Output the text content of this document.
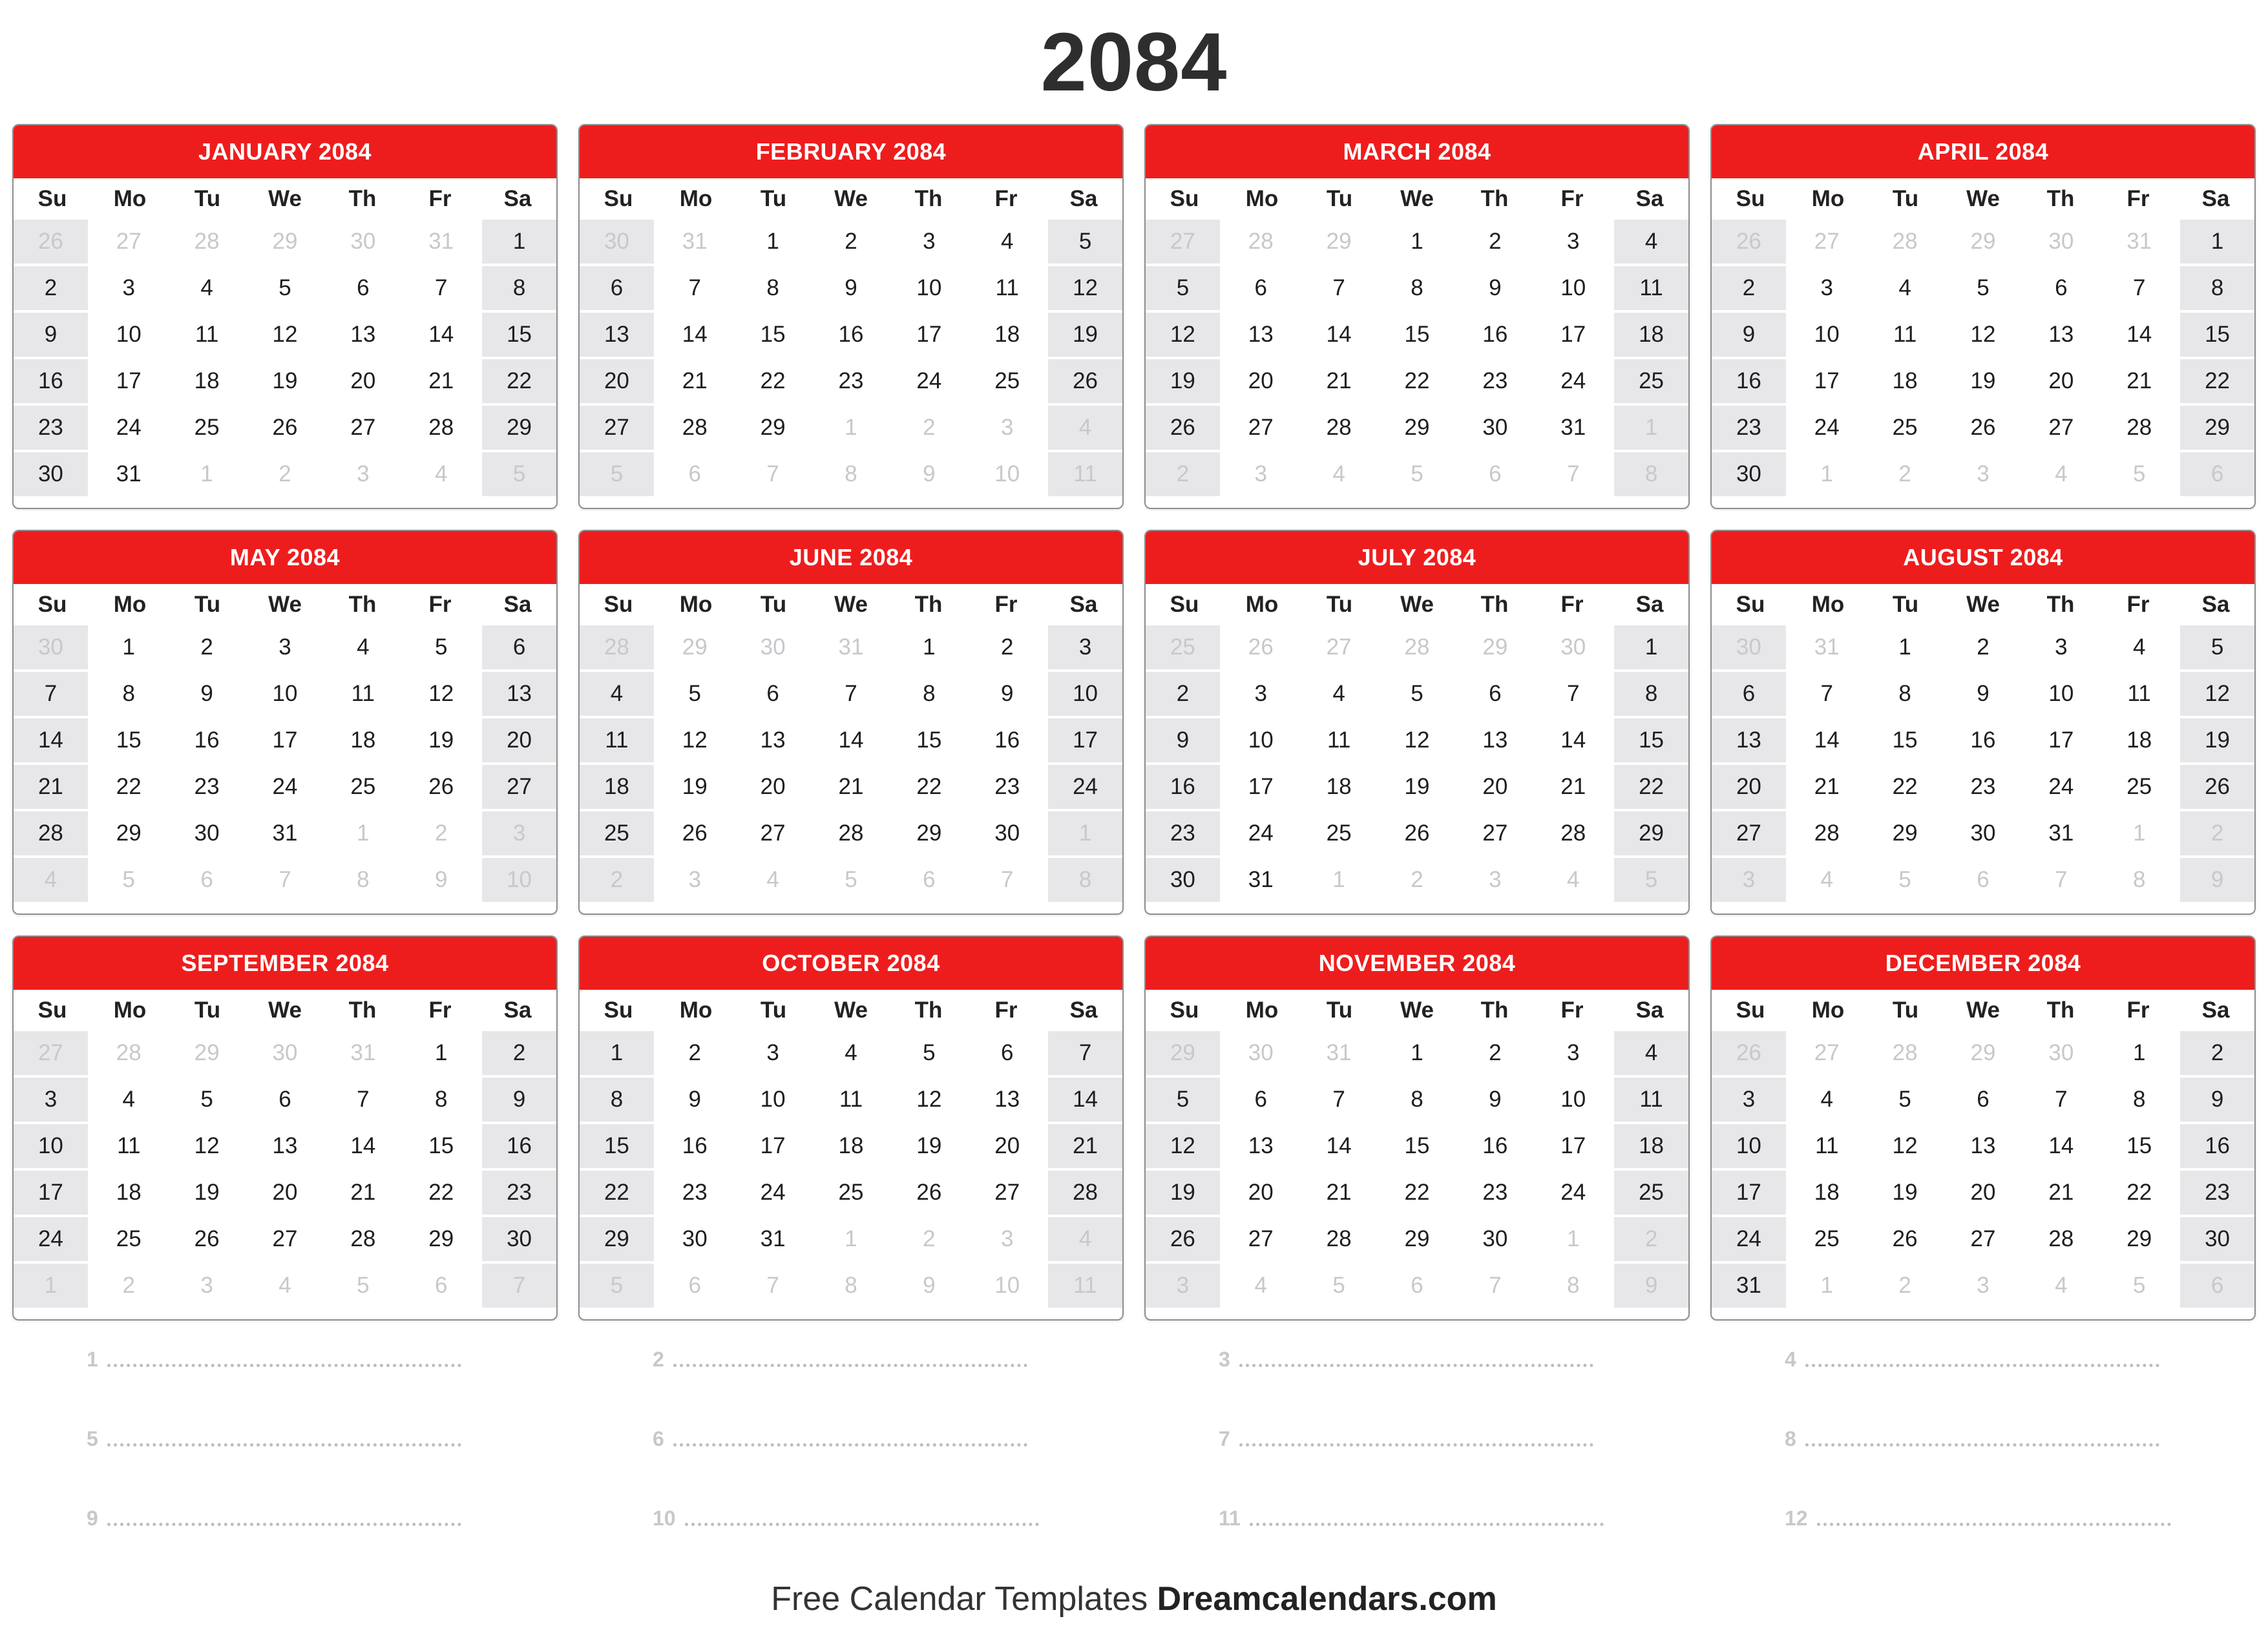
2084
JANUARY 2084
Su	Mo	Tu	We	Th	Fr	Sa
26	27	28	29	30	31	1
2	3	4	5	6	7	8
9	10	11	12	13	14	15
16	17	18	19	20	21	22
23	24	25	26	27	28	29
30	31	1	2	3	4	5
FEBRUARY 2084
Su	Mo	Tu	We	Th	Fr	Sa
30	31	1	2	3	4	5
6	7	8	9	10	11	12
13	14	15	16	17	18	19
20	21	22	23	24	25	26
27	28	29	1	2	3	4
5	6	7	8	9	10	11
MARCH 2084
Su	Mo	Tu	We	Th	Fr	Sa
27	28	29	1	2	3	4
5	6	7	8	9	10	11
12	13	14	15	16	17	18
19	20	21	22	23	24	25
26	27	28	29	30	31	1
2	3	4	5	6	7	8
APRIL 2084
Su	Mo	Tu	We	Th	Fr	Sa
26	27	28	29	30	31	1
2	3	4	5	6	7	8
9	10	11	12	13	14	15
16	17	18	19	20	21	22
23	24	25	26	27	28	29
30	1	2	3	4	5	6
MAY 2084
Su	Mo	Tu	We	Th	Fr	Sa
30	1	2	3	4	5	6
7	8	9	10	11	12	13
14	15	16	17	18	19	20
21	22	23	24	25	26	27
28	29	30	31	1	2	3
4	5	6	7	8	9	10
JUNE 2084
Su	Mo	Tu	We	Th	Fr	Sa
28	29	30	31	1	2	3
4	5	6	7	8	9	10
11	12	13	14	15	16	17
18	19	20	21	22	23	24
25	26	27	28	29	30	1
2	3	4	5	6	7	8
JULY 2084
Su	Mo	Tu	We	Th	Fr	Sa
25	26	27	28	29	30	1
2	3	4	5	6	7	8
9	10	11	12	13	14	15
16	17	18	19	20	21	22
23	24	25	26	27	28	29
30	31	1	2	3	4	5
AUGUST 2084
Su	Mo	Tu	We	Th	Fr	Sa
30	31	1	2	3	4	5
6	7	8	9	10	11	12
13	14	15	16	17	18	19
20	21	22	23	24	25	26
27	28	29	30	31	1	2
3	4	5	6	7	8	9
SEPTEMBER 2084
Su	Mo	Tu	We	Th	Fr	Sa
27	28	29	30	31	1	2
3	4	5	6	7	8	9
10	11	12	13	14	15	16
17	18	19	20	21	22	23
24	25	26	27	28	29	30
1	2	3	4	5	6	7
OCTOBER 2084
Su	Mo	Tu	We	Th	Fr	Sa
1	2	3	4	5	6	7
8	9	10	11	12	13	14
15	16	17	18	19	20	21
22	23	24	25	26	27	28
29	30	31	1	2	3	4
5	6	7	8	9	10	11
NOVEMBER 2084
Su	Mo	Tu	We	Th	Fr	Sa
29	30	31	1	2	3	4
5	6	7	8	9	10	11
12	13	14	15	16	17	18
19	20	21	22	23	24	25
26	27	28	29	30	1	2
3	4	5	6	7	8	9
DECEMBER 2084
Su	Mo	Tu	We	Th	Fr	Sa
26	27	28	29	30	1	2
3	4	5	6	7	8	9
10	11	12	13	14	15	16
17	18	19	20	21	22	23
24	25	26	27	28	29	30
31	1	2	3	4	5	6
1	2	3	4
5	6	7	8
9	10	11	12
Free Calendar Templates Dreamcalendars.com
